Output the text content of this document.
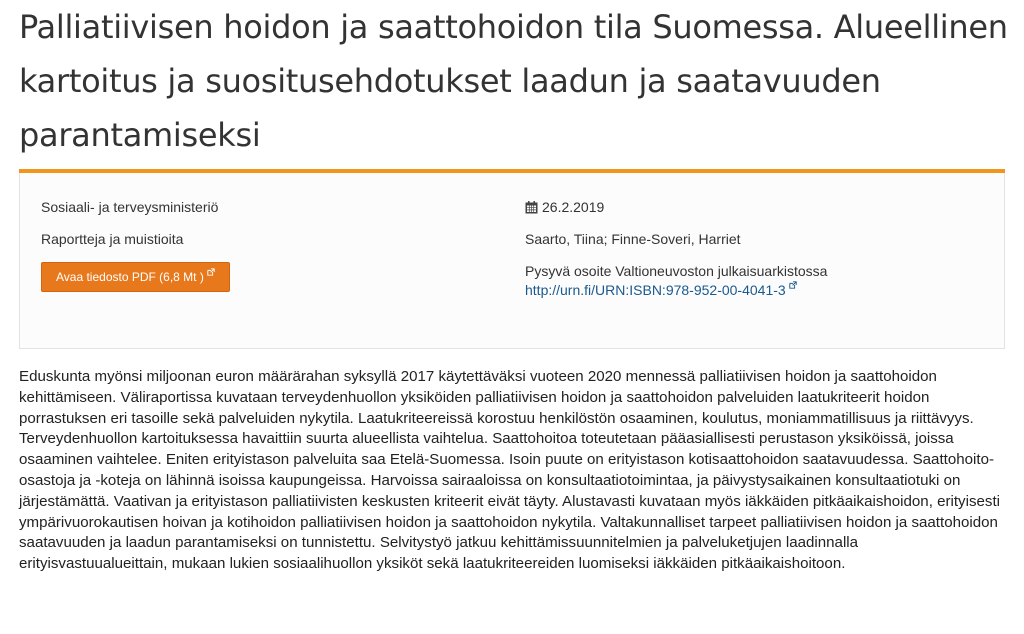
Palliatiivisen hoidon ja saattohoidon tila Suomessa. Alueellinen kartoitus ja suositusehdotukset laadun ja saatavuuden parantamiseksi
Sosiaali- ja terveysministeriö
Raportteja ja muistioita
Avaa tiedosto PDF (6,8 Mt )
26.2.2019
Saarto, Tiina; Finne-Soveri, Harriet
Pysyvä osoite Valtioneuvoston julkaisuarkistossa
http://urn.fi/URN:ISBN:978-952-00-4041-3

Eduskunta myönsi miljoonan euron määrärahan syksyllä 2017 käytettäväksi vuoteen 2020 mennessä palliatiivisen hoidon ja saattohoidon kehittämiseen. Väliraportissa kuvataan terveydenhuollon yksiköiden palliatiivisen hoidon ja saattohoidon palveluiden laatukriteerit hoidon porrastuksen eri tasoille sekä palveluiden nykytila. Laatukriteereissä korostuu henkilöstön osaaminen, koulutus, moniammatillisuus ja riittävyys. Terveydenhuollon kartoituksessa havaittiin suurta alueellista vaihtelua. Saattohoitoa toteutetaan pääasiallisesti perustason yksiköissä, joissa osaaminen vaihtelee. Eniten erityistason palveluita saa Etelä-Suomessa. Isoin puute on erityistason kotisaattohoidon saatavuudessa. Saattohoito-osastoja ja -koteja on lähinnä isoissa kaupungeissa. Harvoissa sairaaloissa on konsultaatiotoimintaa, ja päivystysaikainen konsultaatiotuki on järjestämättä. Vaativan ja erityistason palliatiivisten keskusten kriteerit eivät täyty. Alustavasti kuvataan myös iäkkäiden pitkäaikaishoidon, erityisesti ympärivuorokautisen hoivan ja kotihoidon palliatiivisen hoidon ja saattohoidon nykytila. Valtakunnalliset tarpeet palliatiivisen hoidon ja saattohoidon saatavuuden ja laadun parantamiseksi on tunnistettu. Selvitystyö jatkuu kehittämissuunnitelmien ja palveluketjujen laadinnalla erityisvastuualueittain, mukaan lukien sosiaalihuollon yksiköt sekä laatukriteereiden luomiseksi iäkkäiden pitkäaikaishoitoon.
